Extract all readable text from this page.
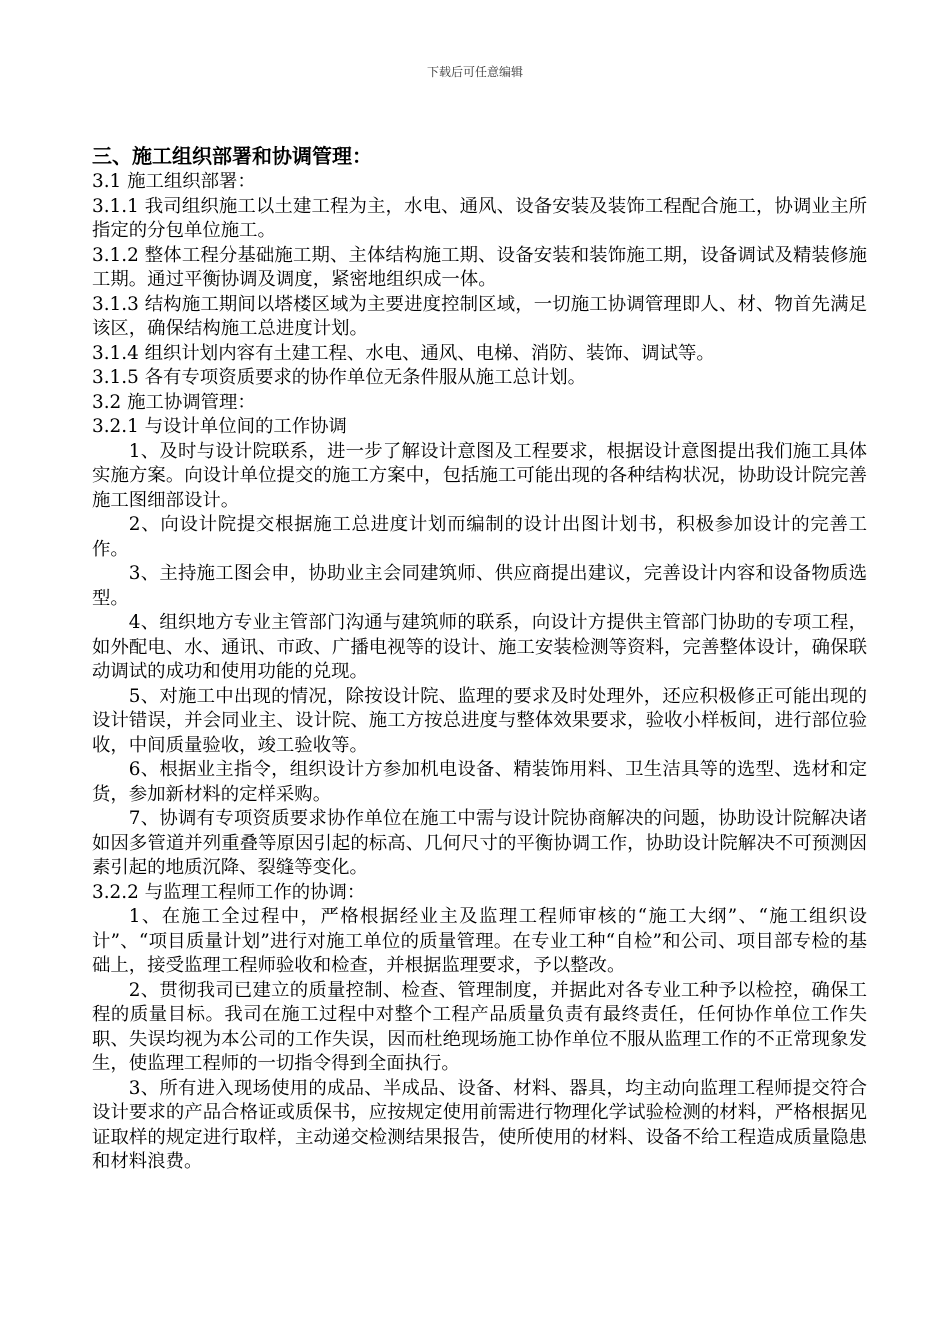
下载后可任意编辑
三、施工组织部署和协调管理：

3.1 施工组织部署：

3.1.1 我司组织施工以土建工程为主，水电、通风、设备安装及装饰工程配合施工，协调业主所指定的分包单位施工。

3.1.2 整体工程分基础施工期、主体结构施工期、设备安装和装饰施工期，设备调试及精装修施工期。通过平衡协调及调度，紧密地组织成一体。

3.1.3 结构施工期间以塔楼区域为主要进度控制区域，一切施工协调管理即人、材、物首先满足该区，确保结构施工总进度计划。

3.1.4 组织计划内容有土建工程、水电、通风、电梯、消防、装饰、调试等。

3.1.5 各有专项资质要求的协作单位无条件服从施工总计划。

3.2 施工协调管理：

3.2.1 与设计单位间的工作协调

1、及时与设计院联系，进一步了解设计意图及工程要求，根据设计意图提出我们施工具体实施方案。向设计单位提交的施工方案中，包括施工可能出现的各种结构状况，协助设计院完善施工图细部设计。

2、向设计院提交根据施工总进度计划而编制的设计出图计划书，积极参加设计的完善工作。

3、主持施工图会申，协助业主会同建筑师、供应商提出建议，完善设计内容和设备物质选型。

4、组织地方专业主管部门沟通与建筑师的联系，向设计方提供主管部门协助的专项工程，如外配电、水、通讯、市政、广播电视等的设计、施工安装检测等资料，完善整体设计，确保联动调试的成功和使用功能的兑现。

5、对施工中出现的情况，除按设计院、监理的要求及时处理外，还应积极修正可能出现的设计错误，并会同业主、设计院、施工方按总进度与整体效果要求，验收小样板间，进行部位验收，中间质量验收，竣工验收等。

6、根据业主指令，组织设计方参加机电设备、精装饰用料、卫生洁具等的选型、选材和定货，参加新材料的定样采购。

7、协调有专项资质要求协作单位在施工中需与设计院协商解决的问题，协助设计院解决诸如因多管道并列重叠等原因引起的标高、几何尺寸的平衡协调工作，协助设计院解决不可预测因素引起的地质沉降、裂缝等变化。

3.2.2 与监理工程师工作的协调：

1、在施工全过程中，严格根据经业主及监理工程师审核的“施工大纲”、“施工组织设计”、“项目质量计划”进行对施工单位的质量管理。在专业工种“自检”和公司、项目部专检的基础上，接受监理工程师验收和检查，并根据监理要求，予以整改。

2、贯彻我司已建立的质量控制、检查、管理制度，并据此对各专业工种予以检控，确保工程的质量目标。我司在施工过程中对整个工程产品质量负责有最终责任，任何协作单位工作失职、失误均视为本公司的工作失误，因而杜绝现场施工协作单位不服从监理工作的不正常现象发生，使监理工程师的一切指令得到全面执行。

3、所有进入现场使用的成品、半成品、设备、材料、器具，均主动向监理工程师提交符合设计要求的产品合格证或质保书，应按规定使用前需进行物理化学试验检测的材料，严格根据见证取样的规定进行取样，主动递交检测结果报告，使所使用的材料、设备不给工程造成质量隐患和材料浪费。
